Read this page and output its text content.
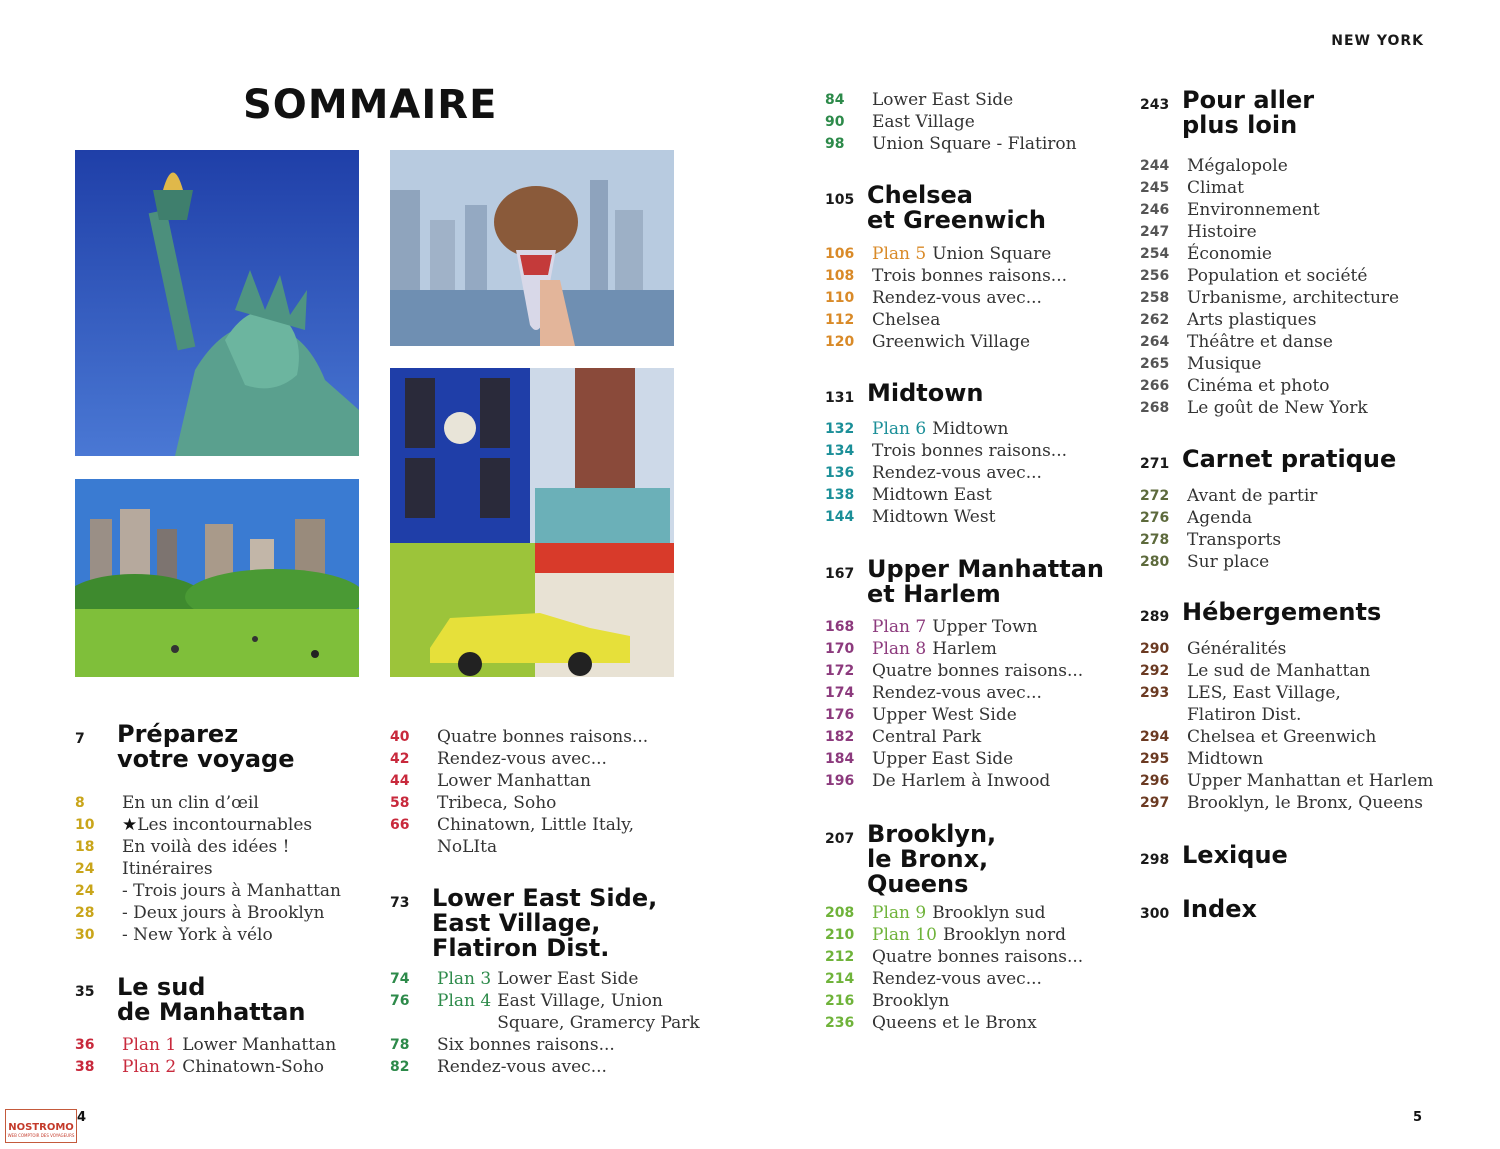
NEW YORK
SOMMAIRE
7	Préparez
votre voyage
8	En un clin d’œil
10	★ Les incontournables
18	En voilà des idées !
24	Itinéraires
24	- Trois jours à Manhattan
28	- Deux jours à Brooklyn
30	- New York à vélo
35 Le sud
de Manhattan
36	Plan 1 Lower Manhattan
38	Plan 2 Chinatown-Soho
40	Quatre bonnes raisons...
42	Rendez-vous avec...
44	Lower Manhattan
58	Tribeca, Soho
66	Chinatown, Little Italy,
NoLIta
73 Lower East Side,
East Village,
Flatiron Dist.
74	Plan 3 Lower East Side
76	Plan 4 East Village, Union
Square, Gramercy Park
78	Six bonnes raisons...
82	Rendez-vous avec...
84	Lower East Side
90	East Village
98	Union Square - Flatiron
105 Chelsea
et Greenwich
106	Plan 5 Union Square
108	Trois bonnes raisons...
110	Rendez-vous avec...
112	Chelsea
120	Greenwich Village
131 Midtown
132	Plan 6 Midtown
134	Trois bonnes raisons...
136	Rendez-vous avec...
138	Midtown East
144	Midtown West
167 Upper Manhattan
et Harlem
168	Plan 7 Upper Town
170	Plan 8 Harlem
172	Quatre bonnes raisons...
174	Rendez-vous avec...
176	Upper West Side
182	Central Park
184	Upper East Side
196	De Harlem à Inwood
207 Brooklyn,
le Bronx,
Queens
208	Plan 9 Brooklyn sud
210	Plan 10 Brooklyn nord
212	Quatre bonnes raisons...
214	Rendez-vous avec...
216	Brooklyn
236	Queens et le Bronx
243 Pour aller
plus loin
244	Mégalopole
245	Climat
246	Environnement
247	Histoire
254	Économie
256	Population et société
258	Urbanisme, architecture
262	Arts plastiques
264	Théâtre et danse
265	Musique
266	Cinéma et photo
268	Le goût de New York
271 Carnet pratique
272	Avant de partir
276	Agenda
278	Transports
280	Sur place
289 Hébergements
290	Généralités
292	Le sud de Manhattan
293	LES, East Village,
Flatiron Dist.
294	Chelsea et Greenwich
295	Midtown
296	Upper Manhattan et Harlem
297	Brooklyn, le Bronx, Queens
298 Lexique
300 Index
NOSTROMO
WEB COMPTOIR DES VOYAGEURS
4	5
